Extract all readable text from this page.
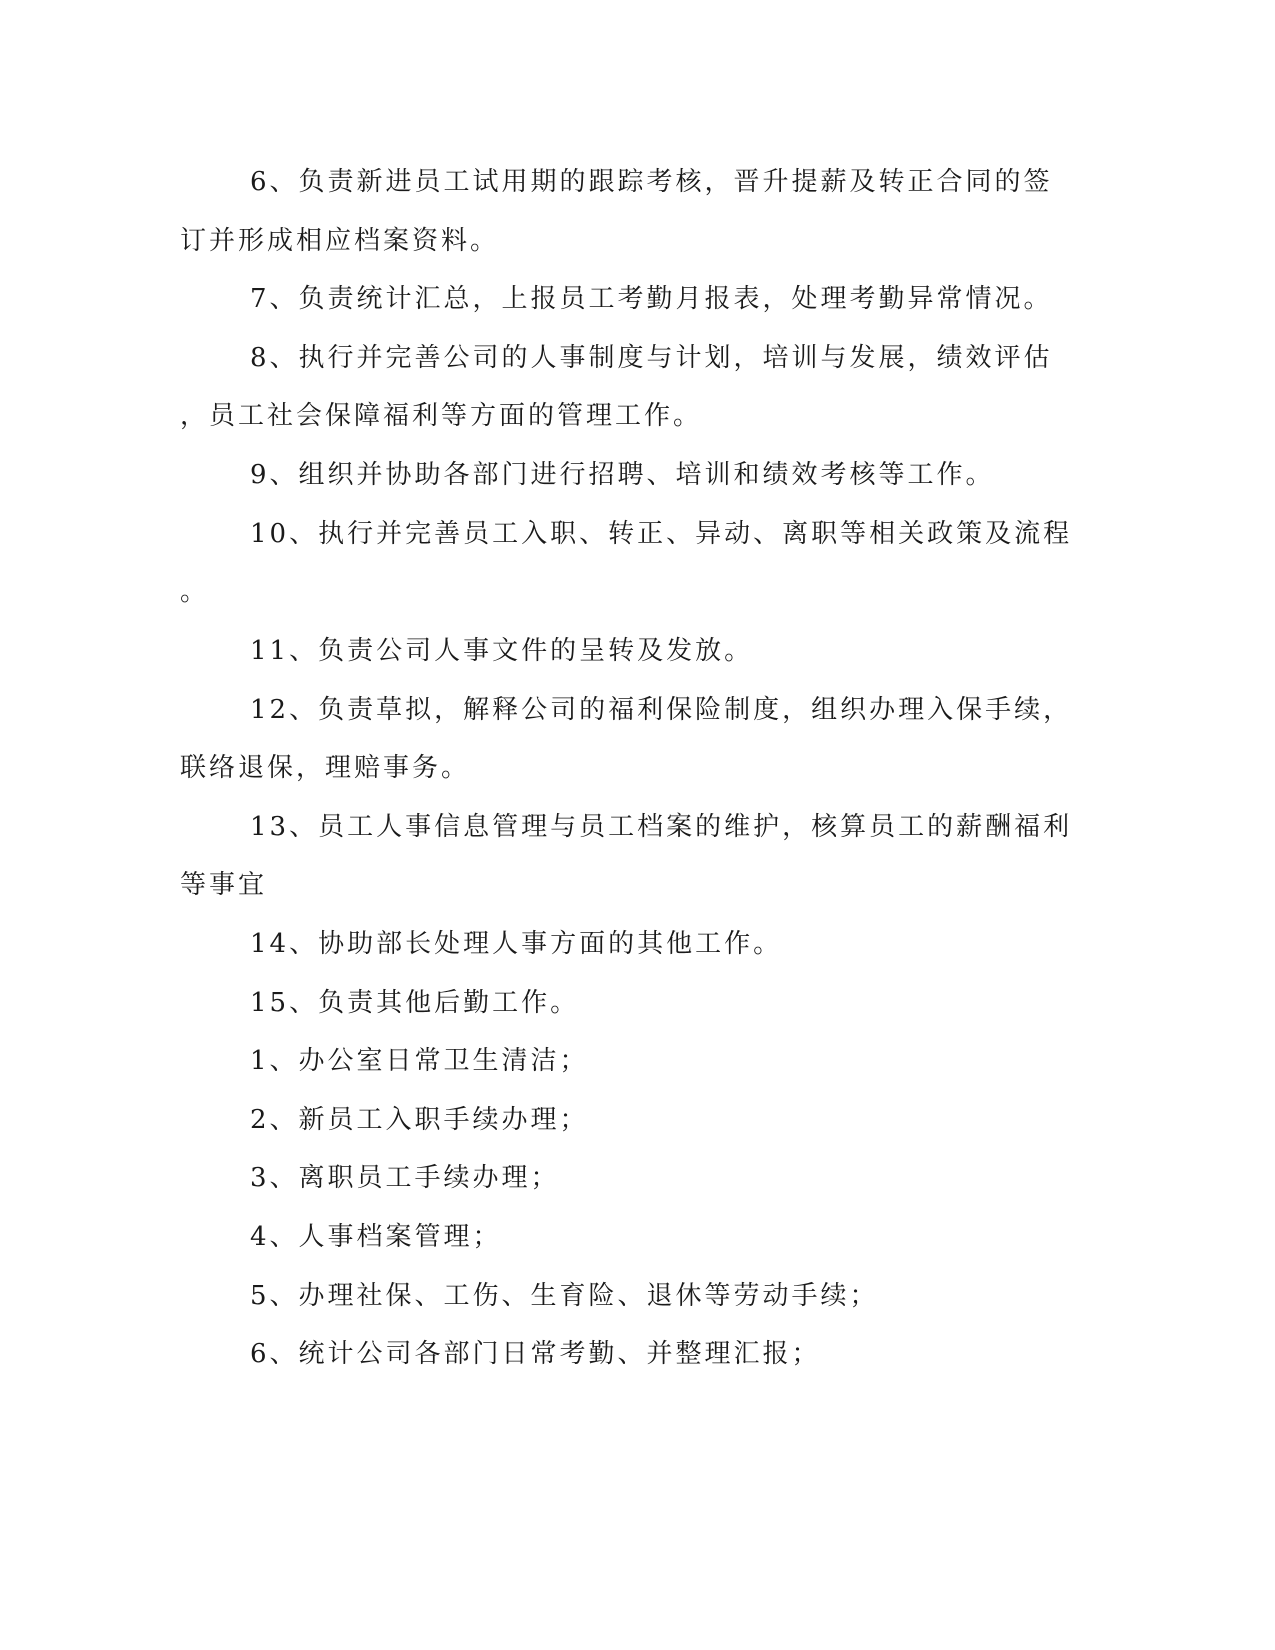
6、负责新进员工试用期的跟踪考核，晋升提薪及转正合同的签
订并形成相应档案资料。
7、负责统计汇总，上报员工考勤月报表，处理考勤异常情况。
8、执行并完善公司的人事制度与计划，培训与发展，绩效评估
，员工社会保障福利等方面的管理工作。
9、组织并协助各部门进行招聘、培训和绩效考核等工作。
10、执行并完善员工入职、转正、异动、离职等相关政策及流程
。
11、负责公司人事文件的呈转及发放。
12、负责草拟，解释公司的福利保险制度，组织办理入保手续，
联络退保，理赔事务。
13、员工人事信息管理与员工档案的维护，核算员工的薪酬福利
等事宜
14、协助部长处理人事方面的其他工作。
15、负责其他后勤工作。
1、办公室日常卫生清洁；
2、新员工入职手续办理；
3、离职员工手续办理；
4、人事档案管理；
5、办理社保、工伤、生育险、退休等劳动手续；
6、统计公司各部门日常考勤、并整理汇报；
